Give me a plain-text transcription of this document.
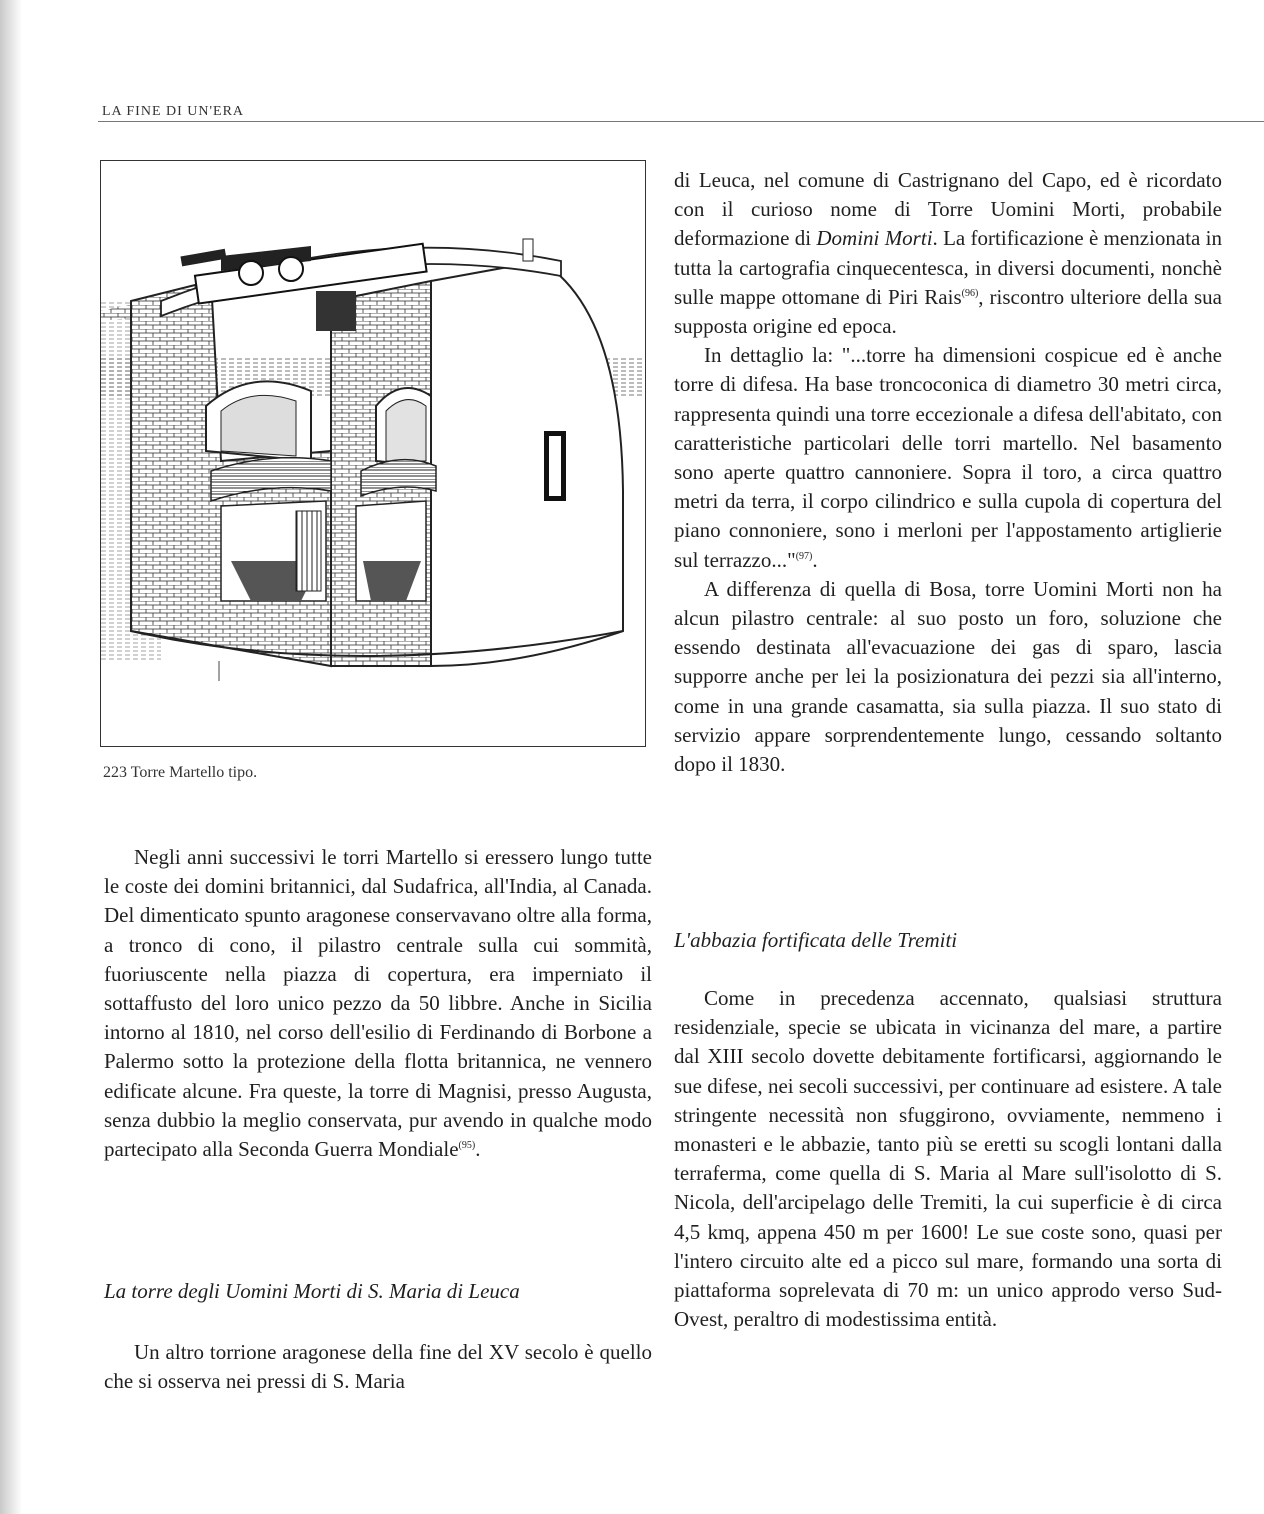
LA FINE DI UN'ERA
223 Torre Martello tipo.

Negli anni successivi le torri Martello si eressero lungo tutte le coste dei domini britannici, dal Sudafrica, all'India, al Canada. Del dimenticato spunto aragonese conservavano oltre alla forma, a tronco di cono, il pilastro centrale sulla cui sommità, fuoriuscente nella piazza di copertura, era imperniato il sottaffusto del loro unico pezzo da 50 libbre. Anche in Sicilia intorno al 1810, nel corso dell'esilio di Ferdinando di Borbone a Palermo sotto la protezione della flotta britannica, ne vennero edificate alcune. Fra queste, la torre di Magnisi, presso Augusta, senza dubbio la meglio conservata, pur avendo in qualche modo partecipato alla Seconda Guerra Mondiale$^{(95)}$.

La torre degli Uomini Morti di S. Maria di Leuca

Un altro torrione aragonese della fine del XV secolo è quello che si osserva nei pressi di S. Maria

di Leuca, nel comune di Castrignano del Capo, ed è ricordato con il curioso nome di Torre Uomini Morti, probabile deformazione di Domini Morti. La fortificazione è menzionata in tutta la cartografia cinquecentesca, in diversi documenti, nonchè sulle mappe ottomane di Piri Rais$^{(96)}$, riscontro ulteriore della sua supposta origine ed epoca.

In dettaglio la: "...torre ha dimensioni cospicue ed è anche torre di difesa. Ha base troncoconica di diametro 30 metri circa, rappresenta quindi una torre eccezionale a difesa dell'abitato, con caratteristiche particolari delle torri martello. Nel basamento sono aperte quattro cannoniere. Sopra il toro, a circa quattro metri da terra, il corpo cilindrico e sulla cupola di copertura del piano connoniere, sono i merloni per l'appostamento artiglierie sul terrazzo..."$^{(97)}$.

A differenza di quella di Bosa, torre Uomini Morti non ha alcun pilastro centrale: al suo posto un foro, soluzione che essendo destinata all'evacuazione dei gas di sparo, lascia supporre anche per lei la posizionatura dei pezzi sia all'interno, come in una grande casamatta, sia sulla piazza. Il suo stato di servizio appare sorprendentemente lungo, cessando soltanto dopo il 1830.

L'abbazia fortificata delle Tremiti

Come in precedenza accennato, qualsiasi struttura residenziale, specie se ubicata in vicinanza del mare, a partire dal XIII secolo dovette debitamente fortificarsi, aggiornando le sue difese, nei secoli successivi, per continuare ad esistere. A tale stringente necessità non sfuggirono, ovviamente, nemmeno i monasteri e le abbazie, tanto più se eretti su scogli lontani dalla terraferma, come quella di S. Maria al Mare sull'isolotto di S. Nicola, dell'arcipelago delle Tremiti, la cui superficie è di circa 4,5 kmq, appena 450 m per 1600! Le sue coste sono, quasi per l'intero circuito alte ed a picco sul mare, formando una sorta di piattaforma soprelevata di 70 m: un unico approdo verso Sud-Ovest, peraltro di modestissima entità.
